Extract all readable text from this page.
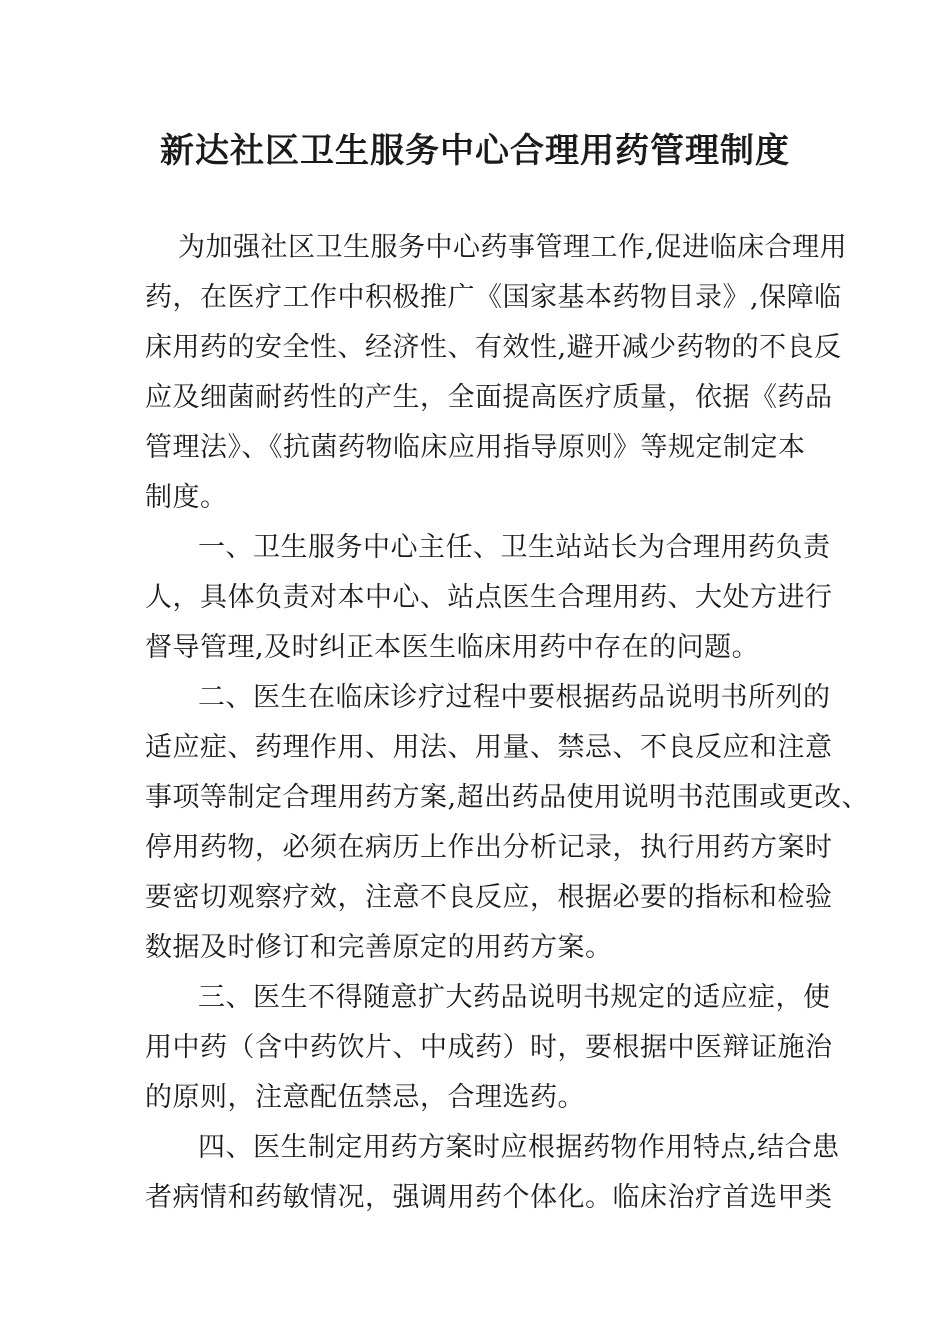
新达社区卫生服务中心合理用药管理制度
为加强社区卫生服务中心药事管理工作,促进临床合理用
药，在医疗工作中积极推广《国家基本药物目录》,保障临
床用药的安全性、经济性、有效性,避开减少药物的不良反
应及细菌耐药性的产生，全面提高医疗质量，依据《药品
管理法》、《抗菌药物临床应用指导原则》等规定制定本
制度。
一、卫生服务中心主任、卫生站站长为合理用药负责
人，具体负责对本中心、站点医生合理用药、大处方进行
督导管理,及时纠正本医生临床用药中存在的问题。
二、医生在临床诊疗过程中要根据药品说明书所列的
适应症、药理作用、用法、用量、禁忌、不良反应和注意
事项等制定合理用药方案,超出药品使用说明书范围或更改、
停用药物，必须在病历上作出分析记录，执行用药方案时
要密切观察疗效，注意不良反应，根据必要的指标和检验
数据及时修订和完善原定的用药方案。
三、医生不得随意扩大药品说明书规定的适应症，使
用中药（含中药饮片、中成药）时，要根据中医辩证施治
的原则，注意配伍禁忌，合理选药。
四、医生制定用药方案时应根据药物作用特点,结合患
者病情和药敏情况，强调用药个体化。临床治疗首选甲类
